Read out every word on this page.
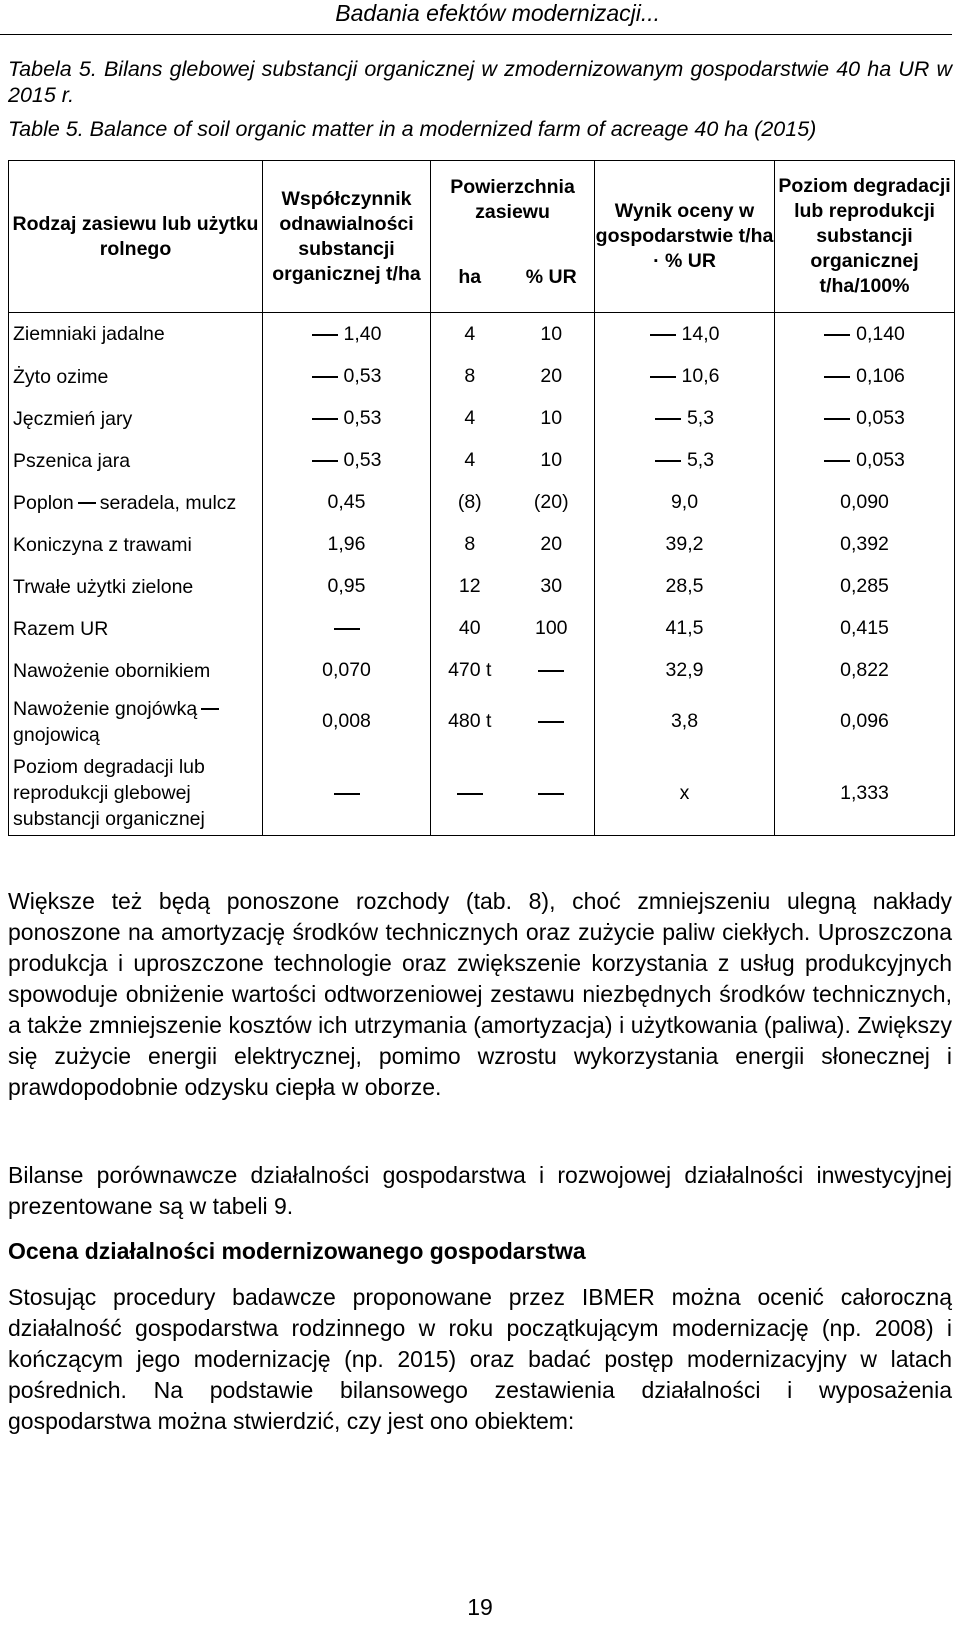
Badania efektów modernizacji...
Tabela 5. Bilans glebowej substancji organicznej w zmodernizowanym gospodarstwie 40 ha UR w 2015 r.
Table 5. Balance of soil organic matter in a modernized farm of acreage 40 ha (2015)
Rodzaj zasiewu lub użytku rolnego	Współczynnik odnawialności substancji organicznej t/ha	Powierzchnia zasiewu		Wynik oceny w gospodarstwie t/ha · % UR	Poziom degradacji lub reprodukcji substancji organicznej t/ha/100%
		ha	% UR		
Ziemniaki jadalne	1,40	4	10	14,0	0,140
Żyto ozime	0,53	8	20	10,6	0,106
Jęczmień jary	0,53	4	10	5,3	0,053
Pszenica jara	0,53	4	10	5,3	0,053
Poplon seradela, mulcz	0,45	(8)	(20)	9,0	0,090
Koniczyna z trawami	1,96	8	20	39,2	0,392
Trwałe użytki zielone	0,95	12	30	28,5	0,285
Razem UR		40	100	41,5	0,415
Nawożenie obornikiem	0,070	470 t		32,9	0,822
Nawożenie gnojówką
gnojowicą	0,008	480 t		3,8	0,096
Poziom degradacji lub reprodukcji glebowej substancji organicznej				x	1,333
Większe też będą ponoszone rozchody (tab. 8), choć zmniejszeniu ulegną nakłady ponoszone na amortyzację środków technicznych oraz zużycie paliw ciekłych. Uproszczona produkcja i uproszczone technologie oraz zwiększenie korzystania z usług produkcyjnych spowoduje obniżenie wartości odtworzeniowej zestawu niezbędnych środków technicznych, a także zmniejszenie kosztów ich utrzymania (amortyzacja) i użytkowania (paliwa). Zwiększy się zużycie energii elektrycznej, pomimo wzrostu wykorzystania energii słonecznej i prawdopodobnie odzysku ciepła w oborze.
Bilanse porównawcze działalności gospodarstwa i rozwojowej działalności inwestycyjnej prezentowane są w tabeli 9.
Ocena działalności modernizowanego gospodarstwa
Stosując procedury badawcze proponowane przez IBMER można ocenić całoroczną działalność gospodarstwa rodzinnego w roku początkującym modernizację (np. 2008) i kończącym jego modernizację (np. 2015) oraz badać postęp modernizacyjny w latach pośrednich. Na podstawie bilansowego zestawienia działalności i wyposażenia gospodarstwa można stwierdzić, czy jest ono obiektem:
19
